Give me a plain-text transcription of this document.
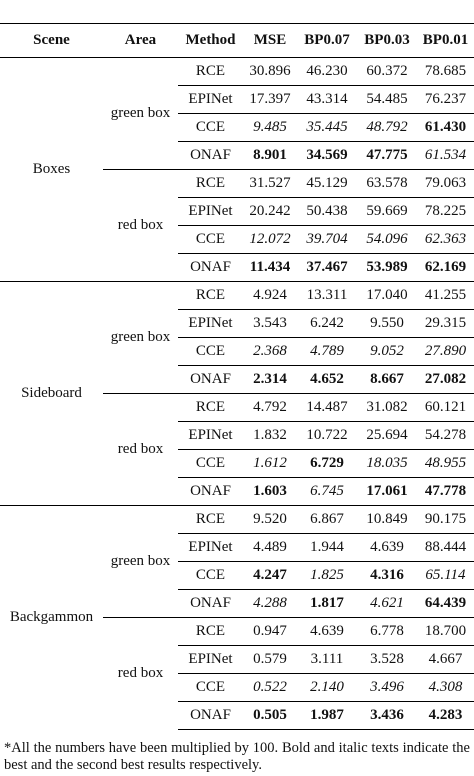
Scene	Area	Method	MSE	BP0.07	BP0.03	BP0.01
Boxes	green box	RCE	30.896	46.230	60.372	78.685
		EPINet	17.397	43.314	54.485	76.237
		CCE	9.485	35.445	48.792	61.430
		ONAF	8.901	34.569	47.775	61.534
	red box	RCE	31.527	45.129	63.578	79.063
		EPINet	20.242	50.438	59.669	78.225
		CCE	12.072	39.704	54.096	62.363
		ONAF	11.434	37.467	53.989	62.169
Sideboard	green box	RCE	4.924	13.311	17.040	41.255
		EPINet	3.543	6.242	9.550	29.315
		CCE	2.368	4.789	9.052	27.890
		ONAF	2.314	4.652	8.667	27.082
	red box	RCE	4.792	14.487	31.082	60.121
		EPINet	1.832	10.722	25.694	54.278
		CCE	1.612	6.729	18.035	48.955
		ONAF	1.603	6.745	17.061	47.778
Backgammon	green box	RCE	9.520	6.867	10.849	90.175
		EPINet	4.489	1.944	4.639	88.444
		CCE	4.247	1.825	4.316	65.114
		ONAF	4.288	1.817	4.621	64.439
	red box	RCE	0.947	4.639	6.778	18.700
		EPINet	0.579	3.111	3.528	4.667
		CCE	0.522	2.140	3.496	4.308
		ONAF	0.505	1.987	3.436	4.283
*All the numbers have been multiplied by 100. Bold and italic texts indicate the best and the second best results respectively.
